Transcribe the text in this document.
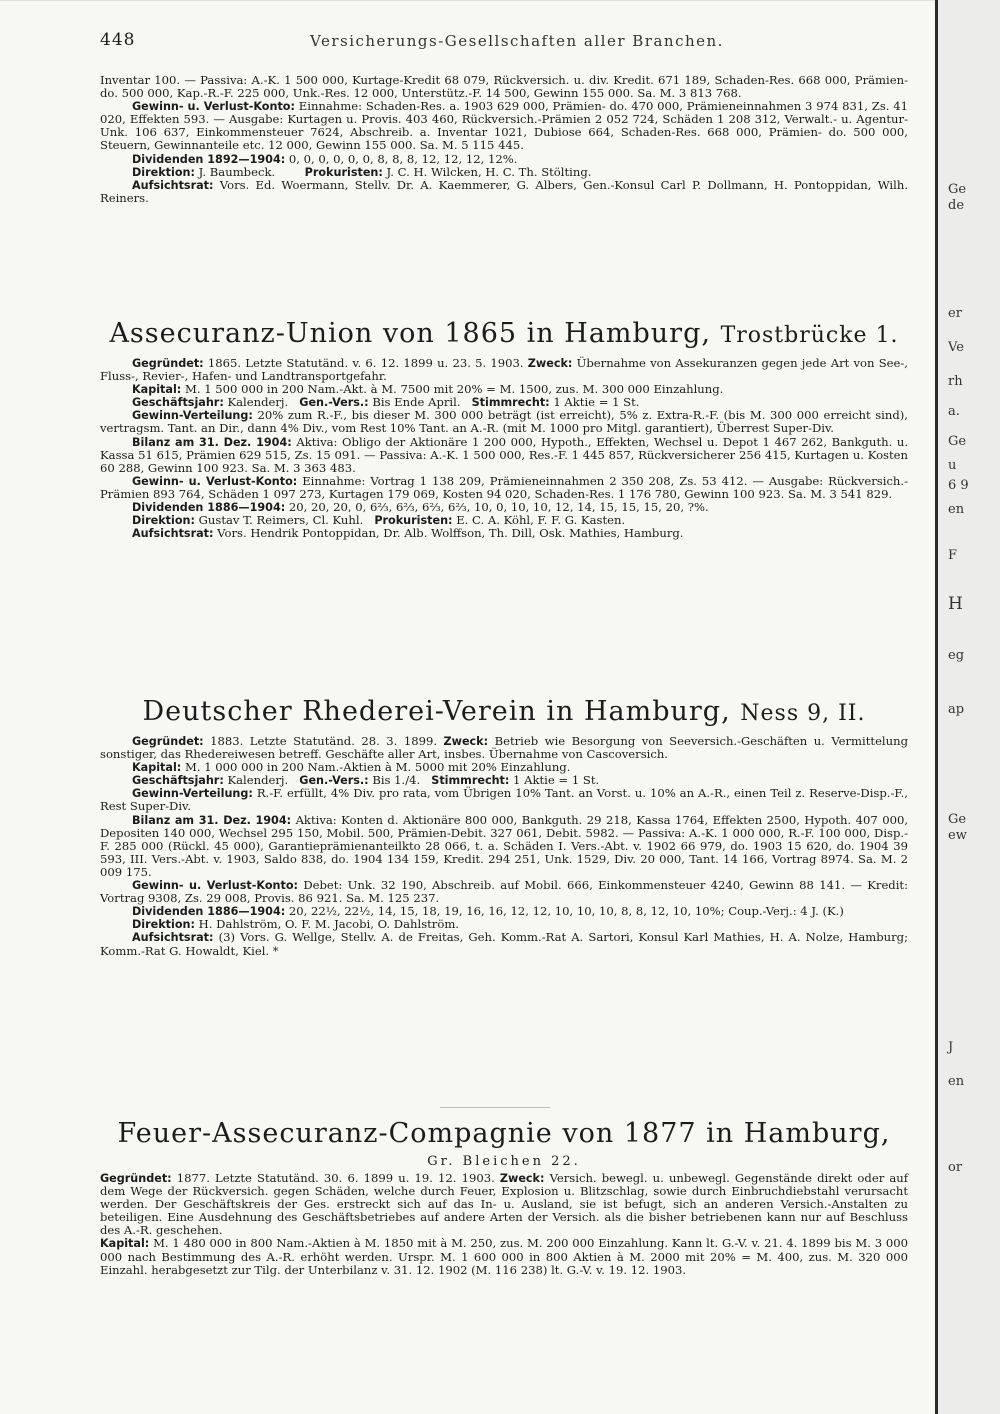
448	Versicherungs-Gesellschaften aller Branchen.

Inventar 100. — Passiva: A.-K. 1 500 000, Kurtage-Kredit 68 079, Rückversich. u. div. Kredit. 671 189, Schaden-Res. 668 000, Prämien- do. 500 000, Kap.-R.-F. 225 000, Unk.-Res. 12 000, Unterstütz.-F. 14 500, Gewinn 155 000. Sa. M. 3 813 768.

Gewinn- u. Verlust-Konto: Einnahme: Schaden-Res. a. 1903 629 000, Prämien- do. 470 000, Prämieneinnahmen 3 974 831, Zs. 41 020, Effekten 593. — Ausgabe: Kurtagen u. Provis. 403 460, Rückversich.-Prämien 2 052 724, Schäden 1 208 312, Verwalt.- u. Agentur-Unk. 106 637, Einkommensteuer 7624, Abschreib. a. Inventar 1021, Dubiose 664, Schaden-Res. 668 000, Prämien- do. 500 000, Steuern, Gewinnanteile etc. 12 000, Gewinn 155 000. Sa. M. 5 115 445.

Dividenden 1892—1904: 0, 0, 0, 0, 0, 0, 8, 8, 8, 12, 12, 12, 12%.

Direktion: J. Baumbeck.	Prokuristen: J. C. H. Wilcken, H. C. Th. Stölting.

Aufsichtsrat: Vors. Ed. Woermann, Stellv. Dr. A. Kaemmerer, G. Albers, Gen.-Konsul Carl P. Dollmann, H. Pontoppidan, Wilh. Reiners.

Assecuranz-Union von 1865 in Hamburg, Trostbrücke 1.

Gegründet: 1865. Letzte Statutänd. v. 6. 12. 1899 u. 23. 5. 1903. Zweck: Übernahme von Assekuranzen gegen jede Art von See-, Fluss-, Revier-, Hafen- und Landtransportgefahr.

Kapital: M. 1 500 000 in 200 Nam.-Akt. à M. 7500 mit 20% = M. 1500, zus. M. 300 000 Einzahlung.

Geschäftsjahr: Kalenderj. Gen.-Vers.: Bis Ende April. Stimmrecht: 1 Aktie = 1 St.

Gewinn-Verteilung: 20% zum R.-F., bis dieser M. 300 000 beträgt (ist erreicht), 5% z. Extra-R.-F. (bis M. 300 000 erreicht sind), vertragsm. Tant. an Dir., dann 4% Div., vom Rest 10% Tant. an A.-R. (mit M. 1000 pro Mitgl. garantiert), Überrest Super-Div.

Bilanz am 31. Dez. 1904: Aktiva: Obligo der Aktionäre 1 200 000, Hypoth., Effekten, Wechsel u. Depot 1 467 262, Bankguth. u. Kassa 51 615, Prämien 629 515, Zs. 15 091. — Passiva: A.-K. 1 500 000, Res.-F. 1 445 857, Rückversicherer 256 415, Kurtagen u. Kosten 60 288, Gewinn 100 923. Sa. M. 3 363 483.

Gewinn- u. Verlust-Konto: Einnahme: Vortrag 1 138 209, Prämieneinnahmen 2 350 208, Zs. 53 412. — Ausgabe: Rückversich.-Prämien 893 764, Schäden 1 097 273, Kurtagen 179 069, Kosten 94 020, Schaden-Res. 1 176 780, Gewinn 100 923. Sa. M. 3 541 829.

Dividenden 1886—1904: 20, 20, 20, 0, 6⅔, 6⅔, 6⅔, 6⅔, 10, 0, 10, 10, 12, 14, 15, 15, 15, 20, ?%.

Direktion: Gustav T. Reimers, Cl. Kuhl. Prokuristen: E. C. A. Köhl, F. F. G. Kasten.

Aufsichtsrat: Vors. Hendrik Pontoppidan, Dr. Alb. Wolffson, Th. Dill, Osk. Mathies, Hamburg.

Deutscher Rhederei-Verein in Hamburg, Ness 9, II.

Gegründet: 1883. Letzte Statutänd. 28. 3. 1899. Zweck: Betrieb wie Besorgung von Seeversich.-Geschäften u. Vermittelung sonstiger, das Rhedereiwesen betreff. Geschäfte aller Art, insbes. Übernahme von Cascoversich.

Kapital: M. 1 000 000 in 200 Nam.-Aktien à M. 5000 mit 20% Einzahlung.

Geschäftsjahr: Kalenderj. Gen.-Vers.: Bis 1./4. Stimmrecht: 1 Aktie = 1 St.

Gewinn-Verteilung: R.-F. erfüllt, 4% Div. pro rata, vom Übrigen 10% Tant. an Vorst. u. 10% an A.-R., einen Teil z. Reserve-Disp.-F., Rest Super-Div.

Bilanz am 31. Dez. 1904: Aktiva: Konten d. Aktionäre 800 000, Bankguth. 29 218, Kassa 1764, Effekten 2500, Hypoth. 407 000, Depositen 140 000, Wechsel 295 150, Mobil. 500, Prämien-Debit. 327 061, Debit. 5982. — Passiva: A.-K. 1 000 000, R.-F. 100 000, Disp.-F. 285 000 (Rückl. 45 000), Garantieprämienanteilkto 28 066, t. a. Schäden I. Vers.-Abt. v. 1902 66 979, do. 1903 15 620, do. 1904 39 593, III. Vers.-Abt. v. 1903, Saldo 838, do. 1904 134 159, Kredit. 294 251, Unk. 1529, Div. 20 000, Tant. 14 166, Vortrag 8974. Sa. M. 2 009 175.

Gewinn- u. Verlust-Konto: Debet: Unk. 32 190, Abschreib. auf Mobil. 666, Einkommensteuer 4240, Gewinn 88 141. — Kredit: Vortrag 9308, Zs. 29 008, Provis. 86 921. Sa. M. 125 237.

Dividenden 1886—1904: 20, 22½, 22½, 14, 15, 18, 19, 16, 16, 12, 12, 10, 10, 10, 8, 8, 12, 10, 10%; Coup.-Verj.: 4 J. (K.)

Direktion: H. Dahlström, O. F. M. Jacobi, O. Dahlström.

Aufsichtsrat: (3) Vors. G. Wellge, Stellv. A. de Freitas, Geh. Komm.-Rat A. Sartori, Konsul Karl Mathies, H. A. Nolze, Hamburg; Komm.-Rat G. Howaldt, Kiel. *

Feuer-Assecuranz-Compagnie von 1877 in Hamburg,
Gr. Bleichen 22.

Gegründet: 1877. Letzte Statutänd. 30. 6. 1899 u. 19. 12. 1903. Zweck: Versich. bewegl. u. unbewegl. Gegenstände direkt oder auf dem Wege der Rückversich. gegen Schäden, welche durch Feuer, Explosion u. Blitzschlag, sowie durch Einbruchdiebstahl verursacht werden. Der Geschäftskreis der Ges. erstreckt sich auf das In- u. Ausland, sie ist befugt, sich an anderen Versich.-Anstalten zu beteiligen. Eine Ausdehnung des Geschäftsbetriebes auf andere Arten der Versich. als die bisher betriebenen kann nur auf Beschluss des A.-R. geschehen.

Kapital: M. 1 480 000 in 800 Nam.-Aktien à M. 1850 mit à M. 250, zus. M. 200 000 Einzahlung. Kann lt. G.-V. v. 21. 4. 1899 bis M. 3 000 000 nach Bestimmung des A.-R. erhöht werden. Urspr. M. 1 600 000 in 800 Aktien à M. 2000 mit 20% = M. 400, zus. M. 320 000 Einzahl. herabgesetzt zur Tilg. der Unterbilanz v. 31. 12. 1902 (M. 116 238) lt. G.-V. v. 19. 12. 1903.

Ge
de
er
Ve
rh
a.
Ge
u
6 9
en
F
H
eg
ap
Ge
ew
J
en
or
